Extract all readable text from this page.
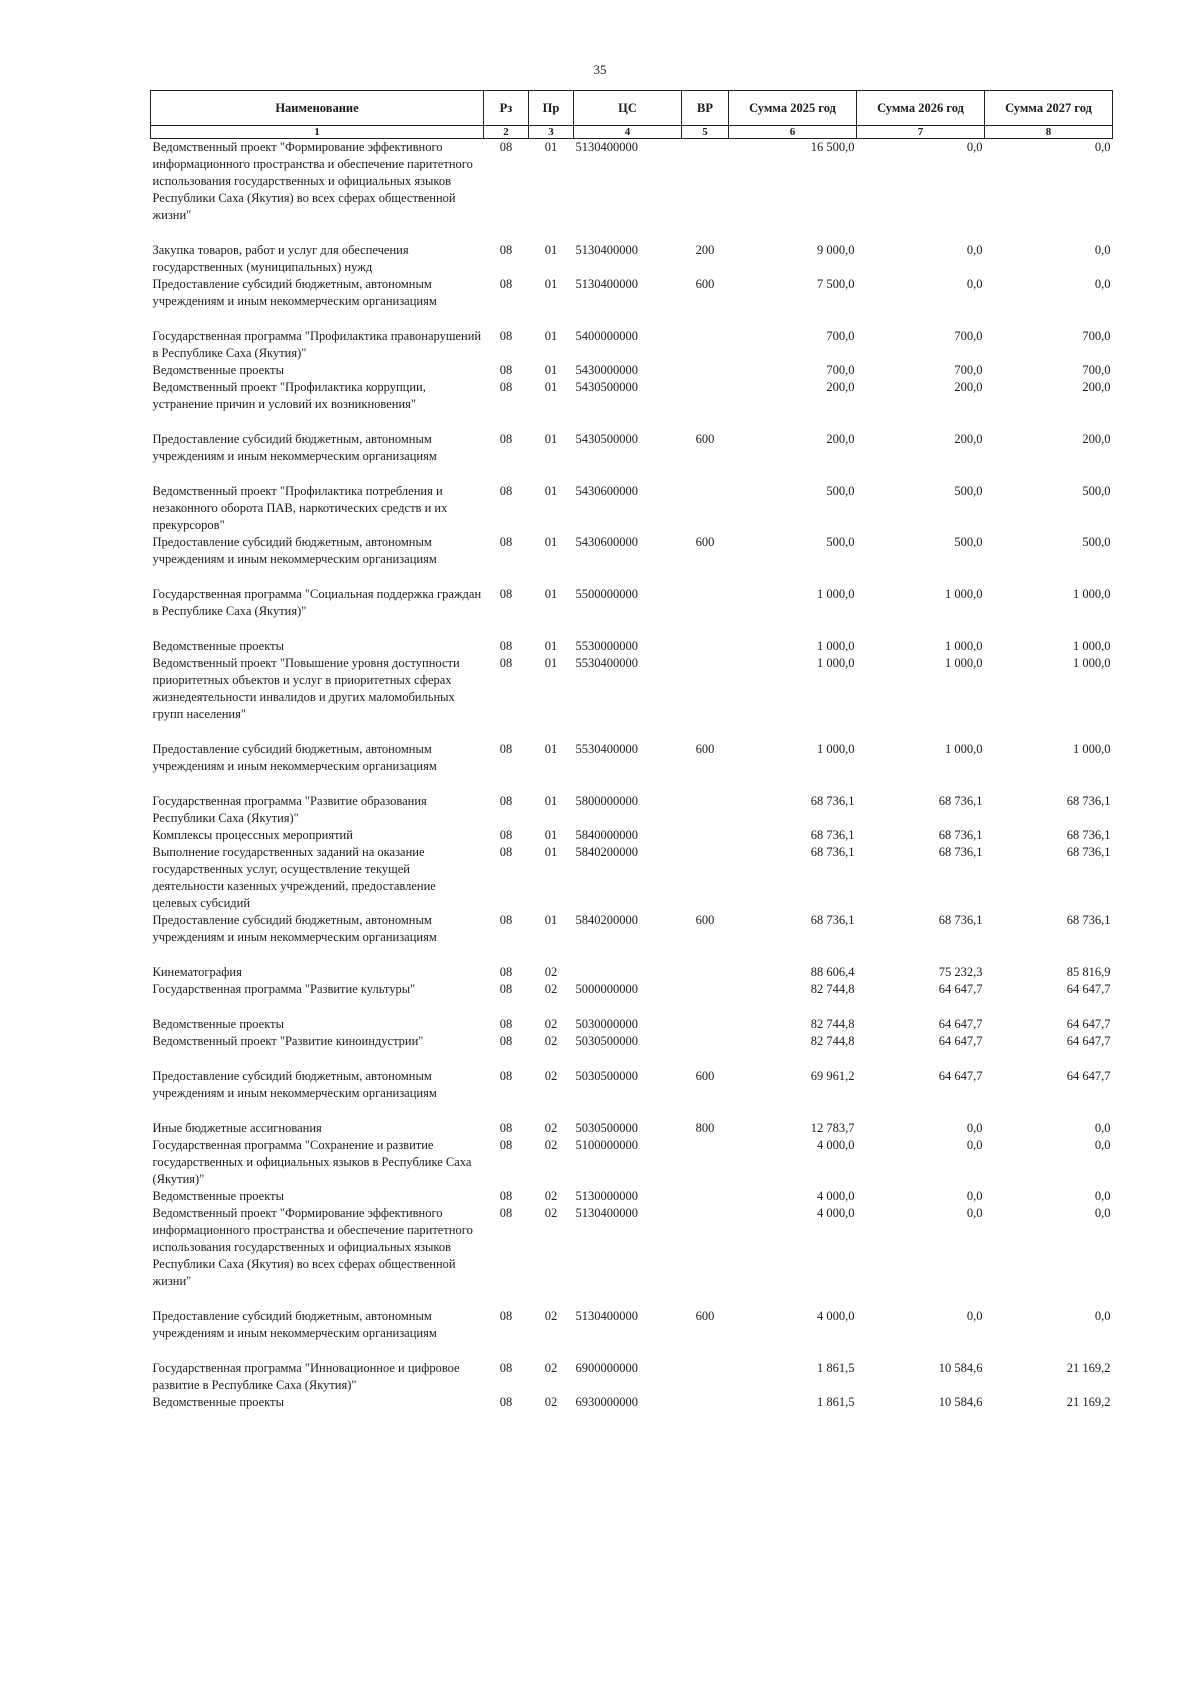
35
Наименование	Рз	Пр	ЦС	ВР	Сумма 2025 год	Сумма 2026 год	Сумма 2027 год
1	2	3	4	5	6	7	8
Ведомственный проект "Формирование эффективного информационного пространства и обеспечение паритетного использования государственных и официальных языков Республики Саха (Якутия) во всех сферах общественной жизни"	08	01	5130400000		16 500,0	0,0	0,0

Закупка товаров, работ и услуг для обеспечения государственных (муниципальных) нужд	08	01	5130400000	200	9 000,0	0,0	0,0
Предоставление субсидий бюджетным, автономным учреждениям и иным некоммерческим организациям	08	01	5130400000	600	7 500,0	0,0	0,0

Государственная программа "Профилактика правонарушений в Республике Саха (Якутия)"	08	01	5400000000		700,0	700,0	700,0
Ведомственные проекты	08	01	5430000000		700,0	700,0	700,0
Ведомственный проект "Профилактика коррупции, устранение причин и условий их возникновения"	08	01	5430500000		200,0	200,0	200,0

Предоставление субсидий бюджетным, автономным учреждениям и иным некоммерческим организациям	08	01	5430500000	600	200,0	200,0	200,0

Ведомственный проект "Профилактика потребления и незаконного оборота ПАВ, наркотических средств и их прекурсоров"	08	01	5430600000		500,0	500,0	500,0
Предоставление субсидий бюджетным, автономным учреждениям и иным некоммерческим организациям	08	01	5430600000	600	500,0	500,0	500,0

Государственная программа "Социальная поддержка граждан в Республике Саха (Якутия)"	08	01	5500000000		1 000,0	1 000,0	1 000,0

Ведомственные проекты	08	01	5530000000		1 000,0	1 000,0	1 000,0
Ведомственный проект "Повышение уровня доступности приоритетных объектов и услуг в приоритетных сферах жизнедеятельности инвалидов и других маломобильных групп населения"	08	01	5530400000		1 000,0	1 000,0	1 000,0

Предоставление субсидий бюджетным, автономным учреждениям и иным некоммерческим организациям	08	01	5530400000	600	1 000,0	1 000,0	1 000,0

Государственная программа "Развитие образования Республики Саха (Якутия)"	08	01	5800000000		68 736,1	68 736,1	68 736,1
Комплексы процессных мероприятий	08	01	5840000000		68 736,1	68 736,1	68 736,1
Выполнение государственных заданий на оказание государственных услуг, осуществление текущей деятельности казенных учреждений, предоставление целевых субсидий	08	01	5840200000		68 736,1	68 736,1	68 736,1
Предоставление субсидий бюджетным, автономным учреждениям и иным некоммерческим организациям	08	01	5840200000	600	68 736,1	68 736,1	68 736,1

Кинематография	08	02			88 606,4	75 232,3	85 816,9
Государственная программа "Развитие культуры"	08	02	5000000000		82 744,8	64 647,7	64 647,7

Ведомственные проекты	08	02	5030000000		82 744,8	64 647,7	64 647,7
Ведомственный проект "Развитие киноиндустрии"	08	02	5030500000		82 744,8	64 647,7	64 647,7

Предоставление субсидий бюджетным, автономным учреждениям и иным некоммерческим организациям	08	02	5030500000	600	69 961,2	64 647,7	64 647,7

Иные бюджетные ассигнования	08	02	5030500000	800	12 783,7	0,0	0,0
Государственная программа "Сохранение и развитие государственных и официальных языков в Республике Саха (Якутия)"	08	02	5100000000		4 000,0	0,0	0,0
Ведомственные проекты	08	02	5130000000		4 000,0	0,0	0,0
Ведомственный проект "Формирование эффективного информационного пространства и обеспечение паритетного использования государственных и официальных языков Республики Саха (Якутия) во всех сферах общественной жизни"	08	02	5130400000		4 000,0	0,0	0,0

Предоставление субсидий бюджетным, автономным учреждениям и иным некоммерческим организациям	08	02	5130400000	600	4 000,0	0,0	0,0

Государственная программа "Инновационное и цифровое развитие в Республике Саха (Якутия)"	08	02	6900000000		1 861,5	10 584,6	21 169,2
Ведомственные проекты	08	02	6930000000		1 861,5	10 584,6	21 169,2
